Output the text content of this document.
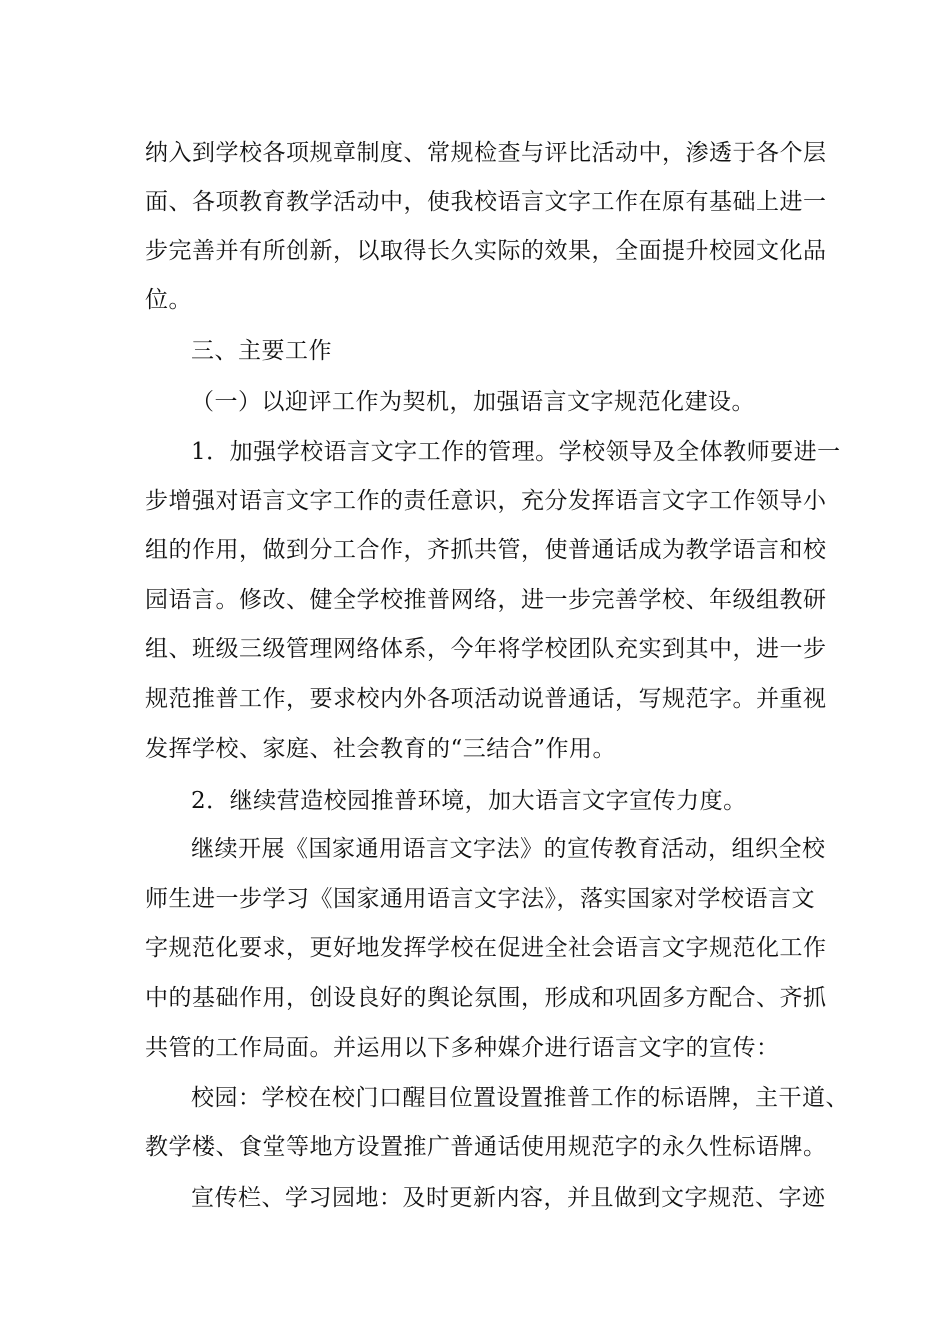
纳入到学校各项规章制度、常规检查与评比活动中，渗透于各个层
面、各项教育教学活动中，使我校语言文字工作在原有基础上进一
步完善并有所创新，以取得长久实际的效果，全面提升校园文化品
位。
三、主要工作
（一）以迎评工作为契机，加强语言文字规范化建设。
1．加强学校语言文字工作的管理。学校领导及全体教师要进一
步增强对语言文字工作的责任意识，充分发挥语言文字工作领导小
组的作用，做到分工合作，齐抓共管，使普通话成为教学语言和校
园语言。修改、健全学校推普网络，进一步完善学校、年级组教研
组、班级三级管理网络体系，今年将学校团队充实到其中，进一步
规范推普工作，要求校内外各项活动说普通话，写规范字。并重视
发挥学校、家庭、社会教育的“三结合”作用。
2．继续营造校园推普环境，加大语言文字宣传力度。
继续开展《国家通用语言文字法》的宣传教育活动，组织全校
师生进一步学习《国家通用语言文字法》，落实国家对学校语言文
字规范化要求，更好地发挥学校在促进全社会语言文字规范化工作
中的基础作用，创设良好的舆论氛围，形成和巩固多方配合、齐抓
共管的工作局面。并运用以下多种媒介进行语言文字的宣传：
校园：学校在校门口醒目位置设置推普工作的标语牌，主干道、
教学楼、食堂等地方设置推广普通话使用规范字的永久性标语牌。
宣传栏、学习园地：及时更新内容，并且做到文字规范、字迹
